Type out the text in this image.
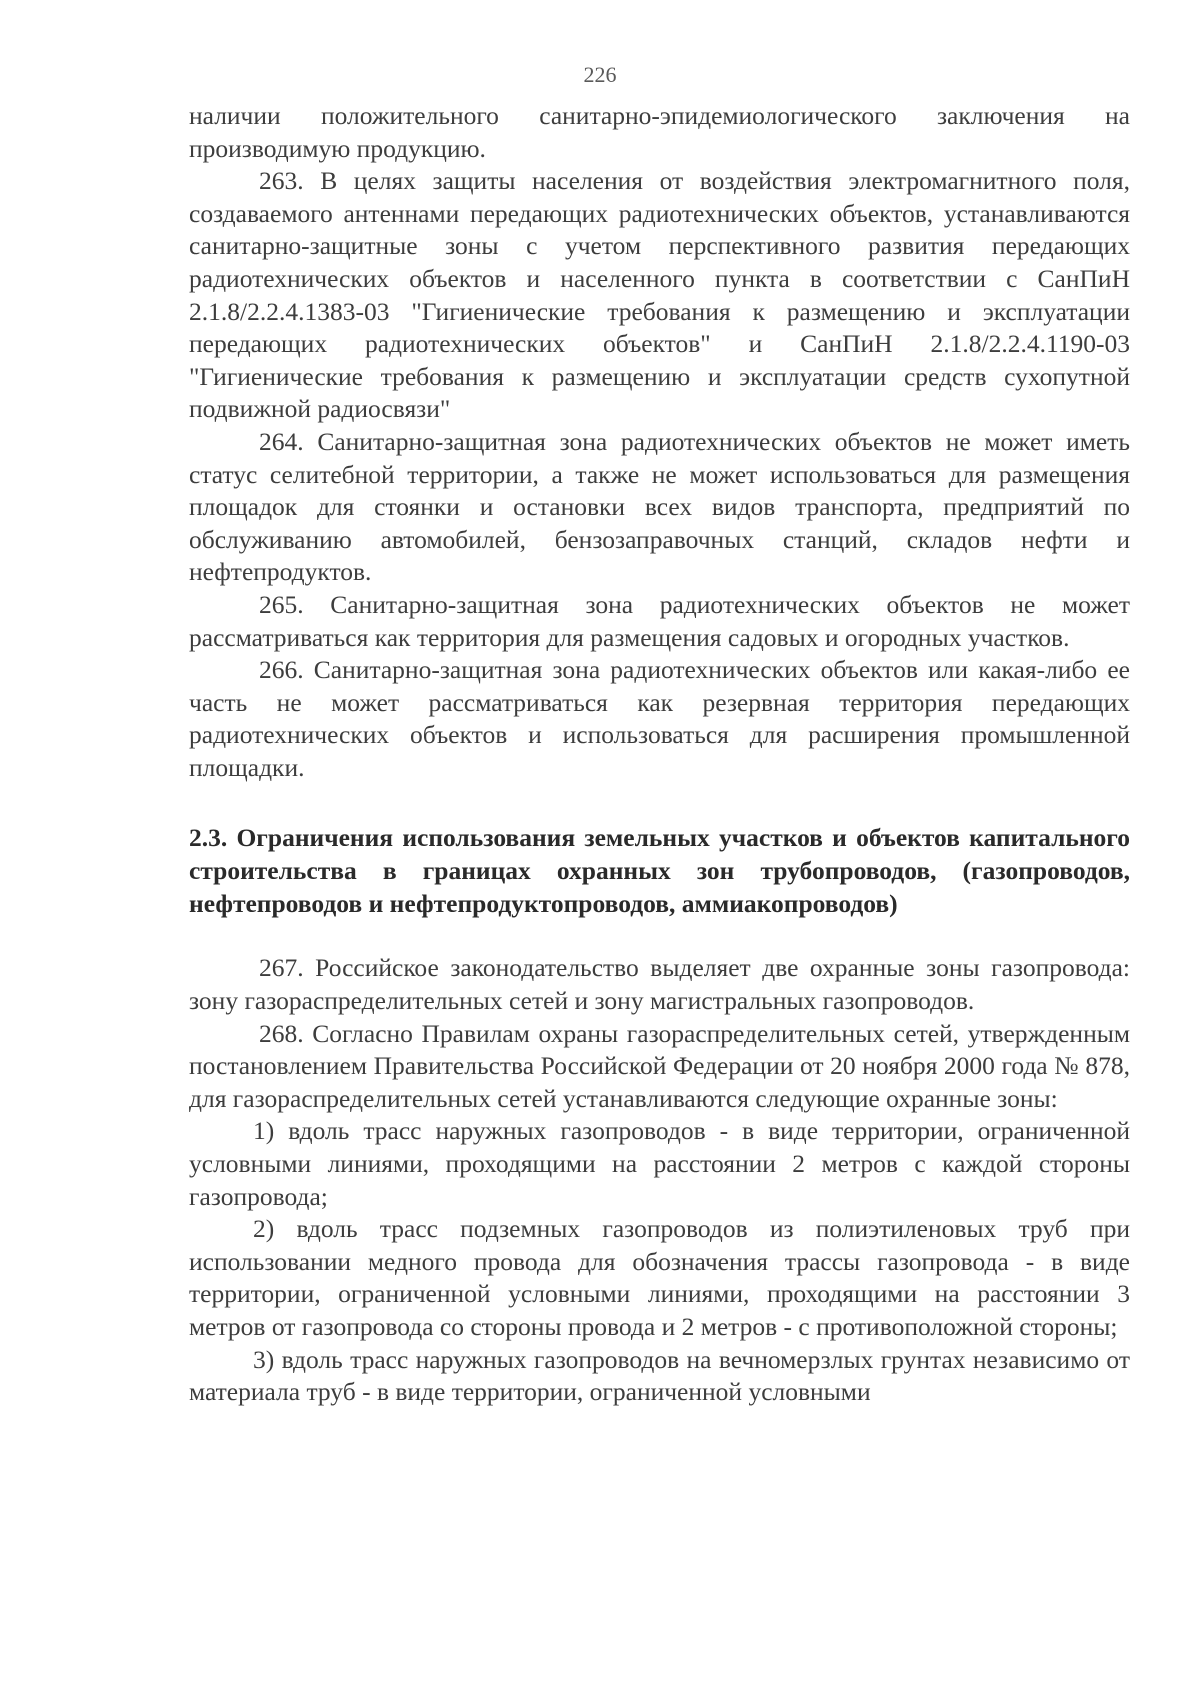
226

наличии положительного санитарно-эпидемиологического заключения на производимую продукцию.

263. В целях защиты населения от воздействия электромагнитного поля, создаваемого антеннами передающих радиотехнических объектов, устанавливаются санитарно-защитные зоны с учетом перспективного развития передающих радиотехнических объектов и населенного пункта в соответствии с СанПиН 2.1.8/2.2.4.1383-03 "Гигиенические требования к размещению и эксплуатации передающих радиотехнических объектов" и СанПиН 2.1.8/2.2.4.1190-03 "Гигиенические требования к размещению и эксплуатации средств сухопутной подвижной радиосвязи"

264. Санитарно-защитная зона радиотехнических объектов не может иметь статус селитебной территории, а также не может использоваться для размещения площадок для стоянки и остановки всех видов транспорта, предприятий по обслуживанию автомобилей, бензозаправочных станций, складов нефти и нефтепродуктов.

265. Санитарно-защитная зона радиотехнических объектов не может рассматриваться как территория для размещения садовых и огородных участков.

266. Санитарно-защитная зона радиотехнических объектов или какая-либо ее часть не может рассматриваться как резервная территория передающих радиотехнических объектов и использоваться для расширения промышленной площадки.

2.3. Ограничения использования земельных участков и объектов капитального строительства в границах охранных зон трубопроводов, (газопроводов, нефтепроводов и нефтепродуктопроводов, аммиакопроводов)

267. Российское законодательство выделяет две охранные зоны газопровода: зону газораспределительных сетей и зону магистральных газопроводов.

268. Согласно Правилам охраны газораспределительных сетей, утвержденным постановлением Правительства Российской Федерации от 20 ноября 2000 года № 878, для газораспределительных сетей устанавливаются следующие охранные зоны:

1) вдоль трасс наружных газопроводов - в виде территории, ограниченной условными линиями, проходящими на расстоянии 2 метров с каждой стороны газопровода;

2) вдоль трасс подземных газопроводов из полиэтиленовых труб при использовании медного провода для обозначения трассы газопровода - в виде территории, ограниченной условными линиями, проходящими на расстоянии 3 метров от газопровода со стороны провода и 2 метров - с противоположной стороны;

3) вдоль трасс наружных газопроводов на вечномерзлых грунтах независимо от материала труб - в виде территории, ограниченной условными
